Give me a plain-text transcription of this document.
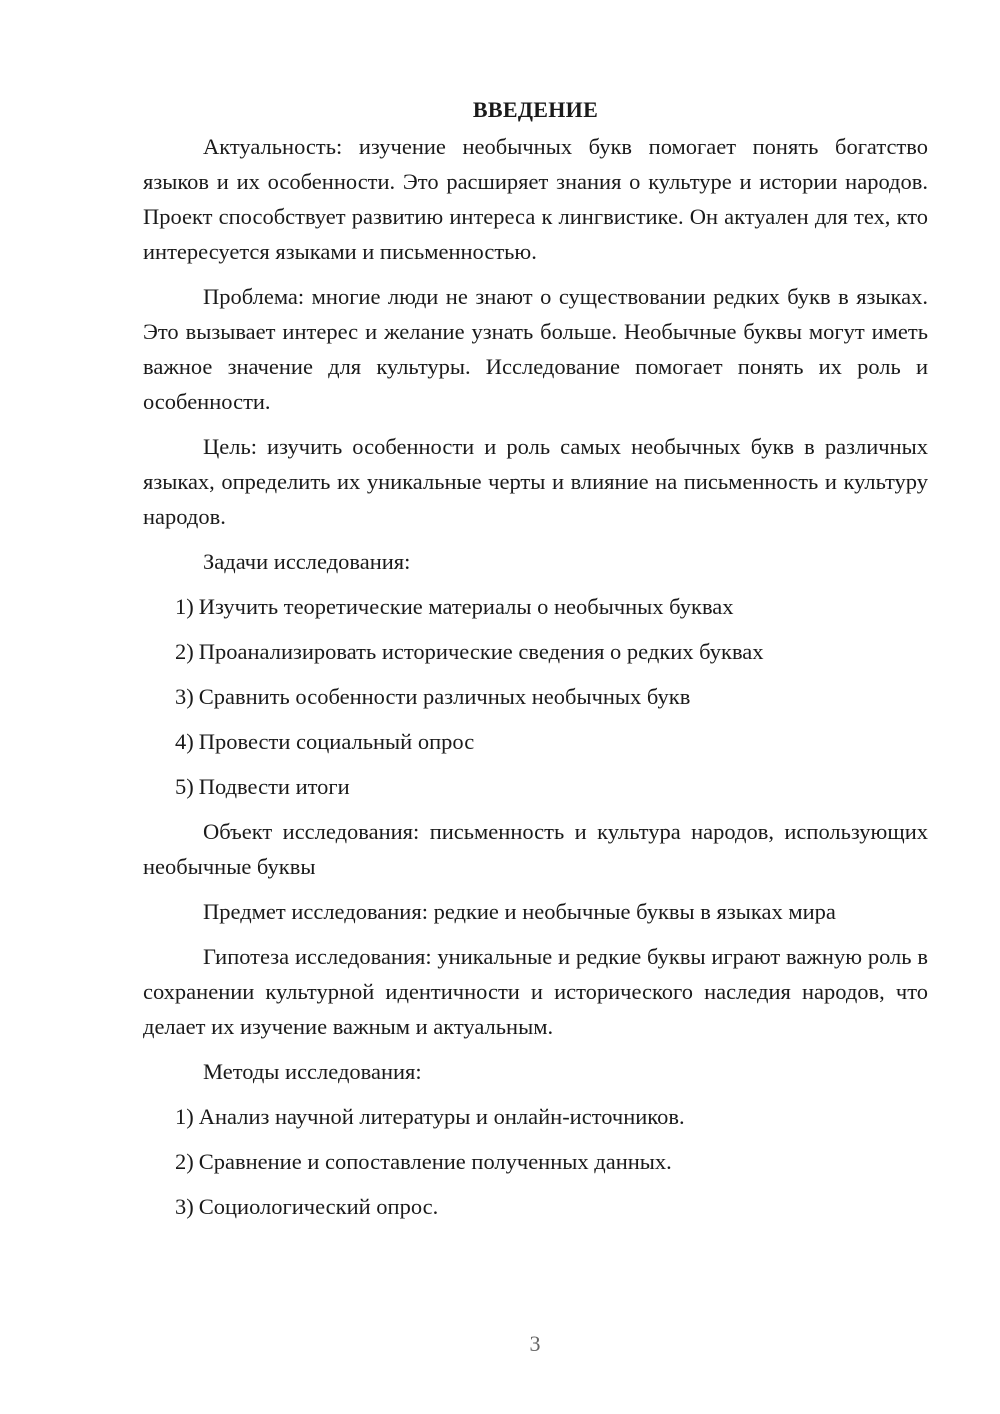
ВВЕДЕНИЕ

Актуальность: изучение необычных букв помогает понять богатство языков и их особенности. Это расширяет знания о культуре и истории народов. Проект способствует развитию интереса к лингвистике. Он актуален для тех, кто интересуется языками и письменностью.

Проблема: многие люди не знают о существовании редких букв в языках. Это вызывает интерес и желание узнать больше. Необычные буквы могут иметь важное значение для культуры. Исследование помогает понять их роль и особенности.

Цель: изучить особенности и роль самых необычных букв в различных языках, определить их уникальные черты и влияние на письменность и культуру народов.

Задачи исследования:
1) Изучить теоретические материалы о необычных буквах
2) Проанализировать исторические сведения о редких буквах
3) Сравнить особенности различных необычных букв
4) Провести социальный опрос
5) Подвести итоги

Объект исследования: письменность и культура народов, использующих необычные буквы

Предмет исследования: редкие и необычные буквы в языках мира

Гипотеза исследования: уникальные и редкие буквы играют важную роль в сохранении культурной идентичности и исторического наследия народов, что делает их изучение важным и актуальным.

Методы исследования:
1) Анализ научной литературы и онлайн-источников.
2) Сравнение и сопоставление полученных данных.
3) Социологический опрос.
3
